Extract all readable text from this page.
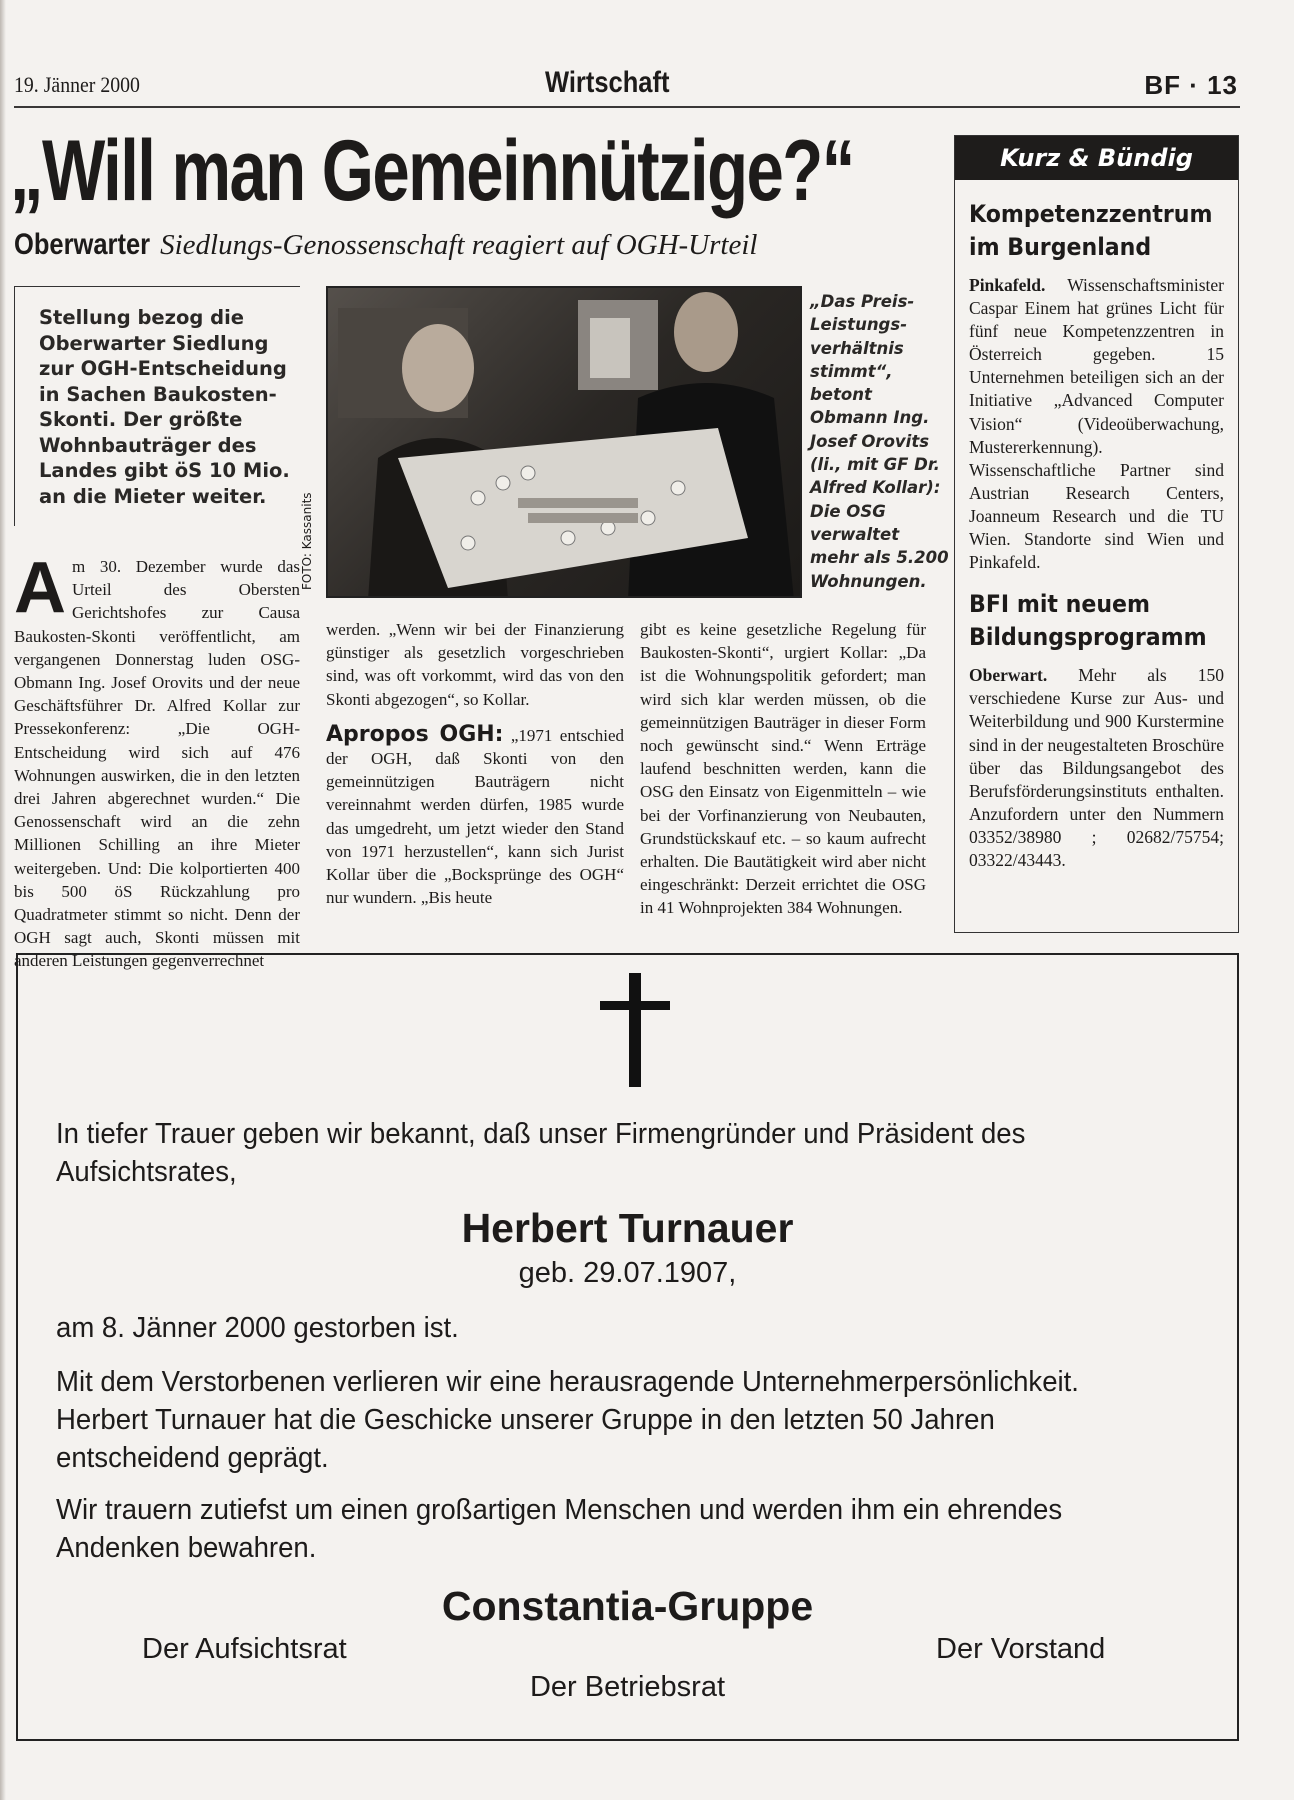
19. Jänner 2000	Wirtschaft	BF · 13
„Will man Gemeinnützige?“
Oberwarter Siedlungs-Genossenschaft reagiert auf OGH-Urteil
Stellung bezog die Oberwarter Siedlung zur OGH-Entscheidung in Sachen Baukosten-Skonti. Der größte Wohnbauträger des Landes gibt öS 10 Mio. an die Mieter weiter.	FOTO: Kassanits
„Das Preis-Leistungs-verhältnis stimmt“, betont Obmann Ing. Josef Orovits (li., mit GF Dr. Alfred Kollar): Die OSG verwaltet mehr als 5.200 Wohnungen.
Am 30. Dezember wurde das Urteil des Obersten Gerichtshofes zur Causa Baukosten-Skonti veröffentlicht, am vergangenen Donnerstag luden OSG-Obmann Ing. Josef Orovits und der neue Geschäftsführer Dr. Alfred Kollar zur Pressekonferenz: „Die OGH-Entscheidung wird sich auf 476 Wohnungen auswirken, die in den letzten drei Jahren abgerechnet wurden.“ Die Genossenschaft wird an die zehn Millionen Schilling an ihre Mieter weitergeben. Und: Die kolportierten 400 bis 500 öS Rückzahlung pro Quadratmeter stimmt so nicht. Denn der OGH sagt auch, Skonti müssen mit anderen Leistungen gegenverrechnet

werden. „Wenn wir bei der Finanzierung günstiger als gesetzlich vorgeschrieben sind, was oft vorkommt, wird das von den Skonti abgezogen“, so Kollar.

Apropos OGH: „1971 entschied der OGH, daß Skonti von den gemeinnützigen Bauträgern nicht vereinnahmt werden dürfen, 1985 wurde das umgedreht, um jetzt wieder den Stand von 1971 herzustellen“, kann sich Jurist Kollar über die „Bocksprünge des OGH“ nur wundern. „Bis heute

gibt es keine gesetzliche Regelung für Baukosten-Skonti“, urgiert Kollar: „Da ist die Wohnungspolitik gefordert; man wird sich klar werden müssen, ob die gemeinnützigen Bauträger in dieser Form noch gewünscht sind.“ Wenn Erträge laufend beschnitten werden, kann die OSG den Einsatz von Eigenmitteln – wie bei der Vorfinanzierung von Neubauten, Grundstückskauf etc. – so kaum aufrecht erhalten. Die Bautätigkeit wird aber nicht eingeschränkt: Derzeit errichtet die OSG in 41 Wohnprojekten 384 Wohnungen.
Kurz & Bündig
Kompetenzzentrum
im Burgenland

Pinkafeld. Wissenschaftsminister Caspar Einem hat grünes Licht für fünf neue Kompetenzzentren in Österreich gegeben. 15 Unternehmen beteiligen sich an der Initiative „Advanced Computer Vision“ (Videoüberwachung, Mustererkennung). Wissenschaftliche Partner sind Austrian Research Centers, Joanneum Research und die TU Wien. Standorte sind Wien und Pinkafeld.

BFI mit neuem
Bildungsprogramm

Oberwart. Mehr als 150 verschiedene Kurse zur Aus- und Weiterbildung und 900 Kurstermine sind in der neugestalteten Broschüre über das Bildungsangebot des Berufsförderungsinstituts enthalten. Anzufordern unter den Nummern 03352/38980 ; 02682/75754; 03322/43443.

In tiefer Trauer geben wir bekannt, daß unser Firmengründer und Präsident des
Aufsichtsrates,
Herbert Turnauer
geb. 29.07.1907,
am 8. Jänner 2000 gestorben ist.
Mit dem Verstorbenen verlieren wir eine herausragende Unternehmerpersönlichkeit.
Herbert Turnauer hat die Geschicke unserer Gruppe in den letzten 50 Jahren
entscheidend geprägt.
Wir trauern zutiefst um einen großartigen Menschen und werden ihm ein ehrendes
Andenken bewahren.
Constantia-Gruppe
Der Aufsichtsrat	Der Vorstand
Der Betriebsrat
